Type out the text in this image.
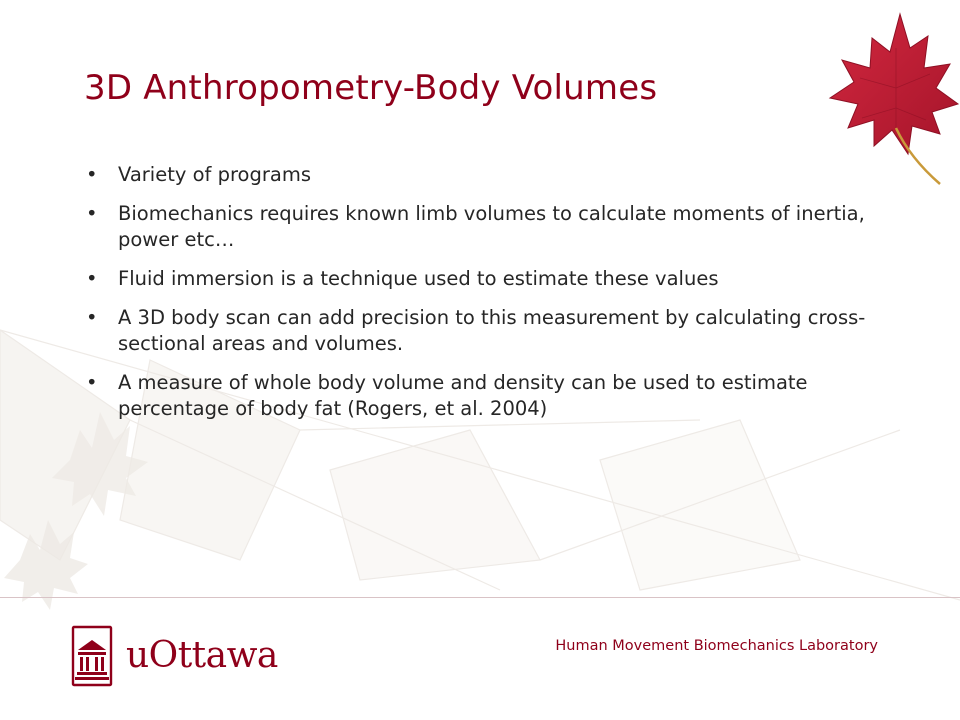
3D Anthropometry-Body Volumes
• Variety of programs
• Biomechanics requires known limb volumes to calculate moments of inertia, power etc…
• Fluid immersion is a technique used to estimate these values
• A 3D body scan can add precision to this measurement by calculating cross-sectional areas and volumes.
• A measure of whole body volume and density can be used to estimate percentage of body fat (Rogers, et al. 2004)
uOttawa	Human Movement Biomechanics Laboratory
